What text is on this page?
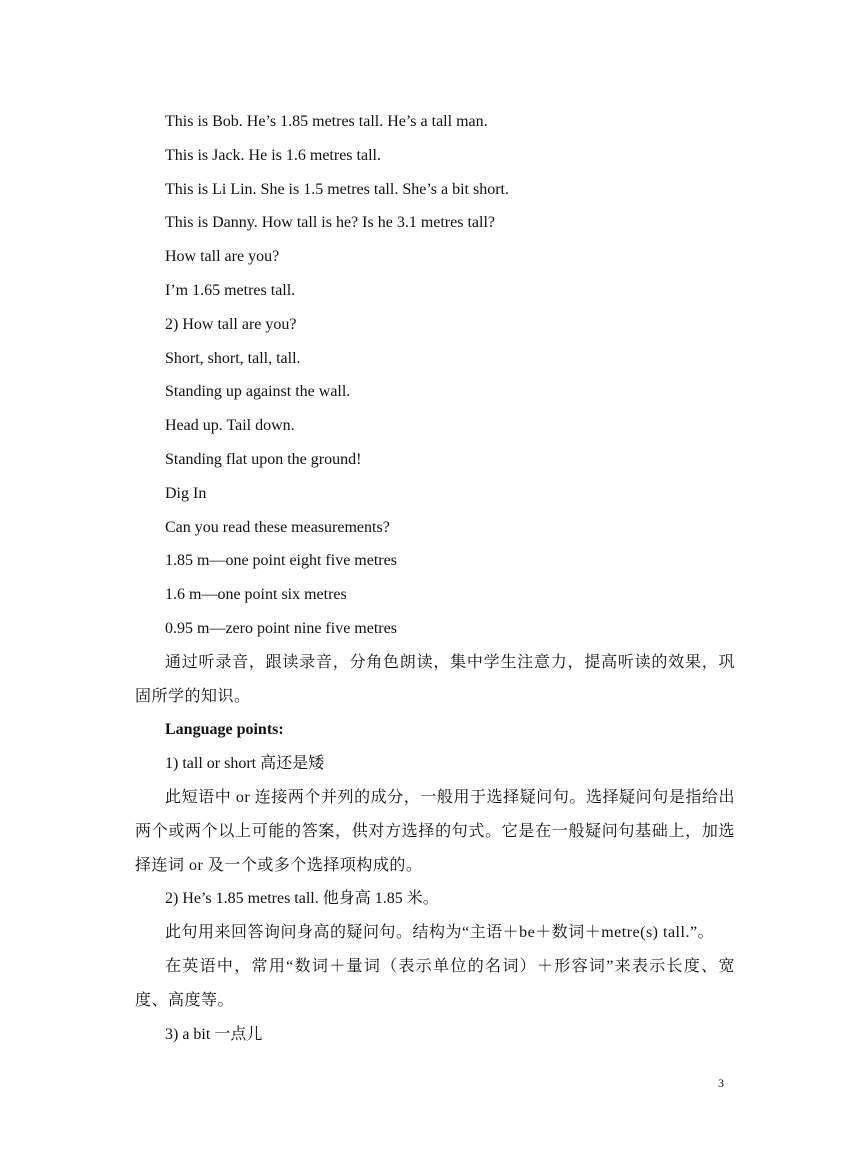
This is Bob. He’s 1.85 metres tall. He’s a tall man.
This is Jack. He is 1.6 metres tall.
This is Li Lin. She is 1.5 metres tall. She’s a bit short.
This is Danny. How tall is he? Is he 3.1 metres tall?
How tall are you?
I’m 1.65 metres tall.
2) How tall are you?
Short, short, tall, tall.
Standing up against the wall.
Head up. Tail down.
Standing flat upon the ground!
Dig In
Can you read these measurements?
1.85 m—one point eight five metres
1.6 m—one point six metres
0.95 m—zero point nine five metres
通过听录音，跟读录音，分角色朗读，集中学生注意力，提高听读的效果，巩固所学的知识。
Language points:
1) tall or short 高还是矮
此短语中 or 连接两个并列的成分，一般用于选择疑问句。选择疑问句是指给出两个或两个以上可能的答案，供对方选择的句式。它是在一般疑问句基础上，加选择连词 or 及一个或多个选择项构成的。
2) He’s 1.85 metres tall. 他身高 1.85 米。
此句用来回答询问身高的疑问句。结构为“主语＋be＋数词＋metre(s) tall.”。
在英语中，常用“数词＋量词（表示单位的名词）＋形容词”来表示长度、宽度、高度等。
3) a bit 一点儿
3
